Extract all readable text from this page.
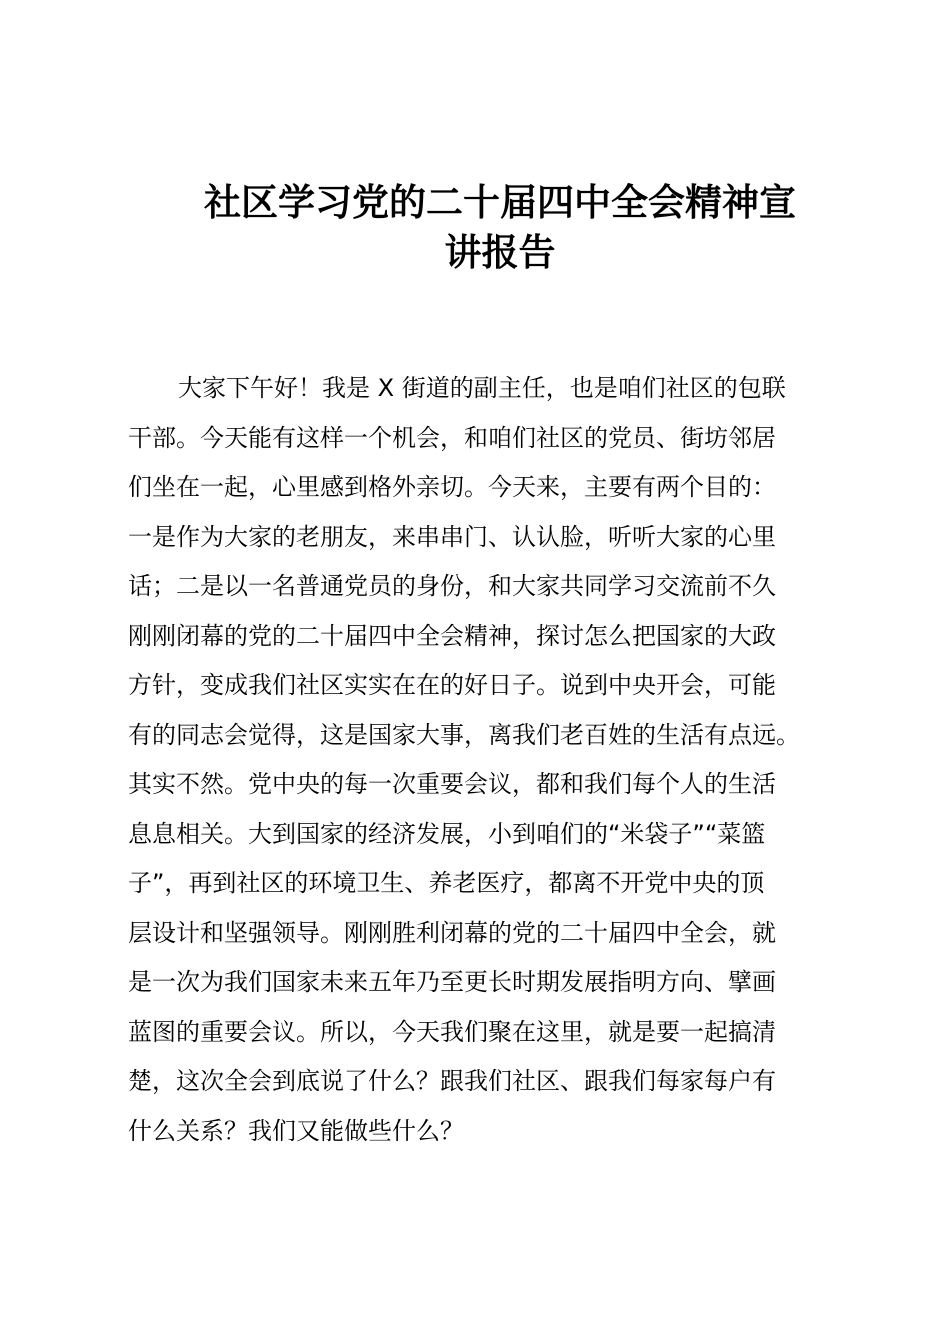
社区学习党的二十届四中全会精神宣
讲报告
大家下午好！我是 X 街道的副主任，也是咱们社区的包联
干部。今天能有这样一个机会，和咱们社区的党员、街坊邻居
们坐在一起，心里感到格外亲切。今天来，主要有两个目的：
一是作为大家的老朋友，来串串门、认认脸，听听大家的心里
话；二是以一名普通党员的身份，和大家共同学习交流前不久
刚刚闭幕的党的二十届四中全会精神，探讨怎么把国家的大政
方针，变成我们社区实实在在的好日子。说到中央开会，可能
有的同志会觉得，这是国家大事，离我们老百姓的生活有点远。
其实不然。党中央的每一次重要会议，都和我们每个人的生活
息息相关。大到国家的经济发展，小到咱们的“米袋子”“菜篮
子”，再到社区的环境卫生、养老医疗，都离不开党中央的顶
层设计和坚强领导。刚刚胜利闭幕的党的二十届四中全会，就
是一次为我们国家未来五年乃至更长时期发展指明方向、擘画
蓝图的重要会议。所以，今天我们聚在这里，就是要一起搞清
楚，这次全会到底说了什么？跟我们社区、跟我们每家每户有
什么关系？我们又能做些什么？
